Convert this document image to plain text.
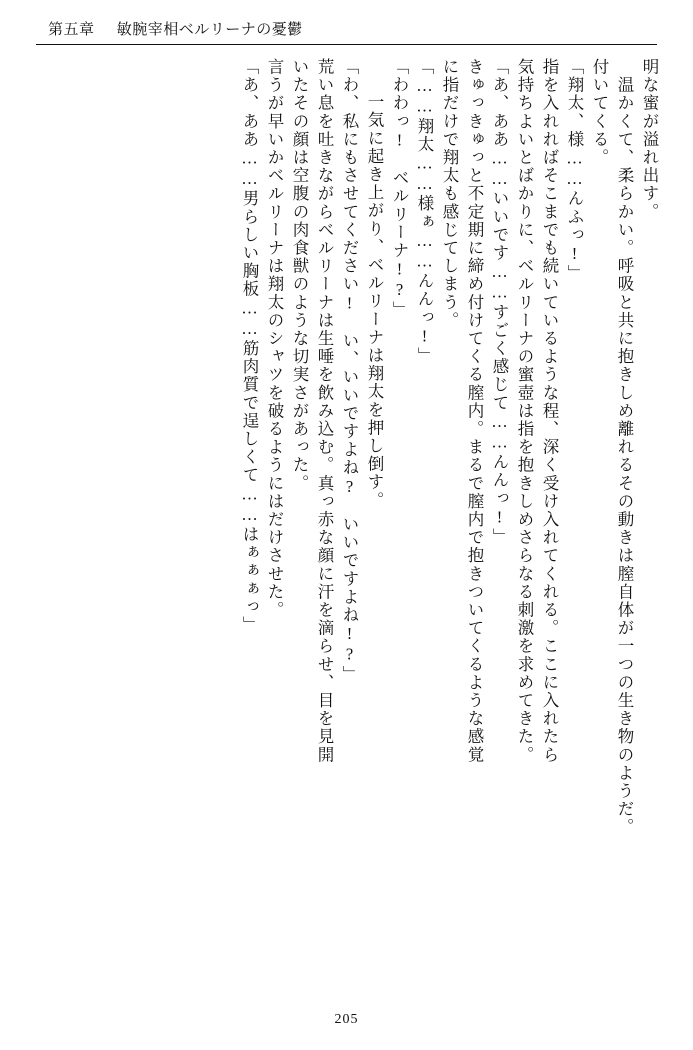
第五章 敏腕宰相ベルリーナの憂鬱
明な蜜が溢れ出す。
　温かくて、柔らかい。呼吸と共に抱きしめ離れるその動きは膣自体が一つの生き物のようだ。
付いてくる。
「翔太、様……んふっ!」
指を入れればそこまでも続いているような程、深く受け入れてくれる。ここに入れたら
気持ちよいとばかりに、ベルリーナの蜜壺は指を抱きしめさらなる刺激を求めてきた。
「あ、ああ……いいです……すごく感じて……んんっ!」
きゅっきゅっと不定期に締め付けてくる膣内。まるで膣内で抱きついてくるような感覚
に指だけで翔太も感じてしまう。
「……翔太……様ぁ……んんっ!」
「わわっ!　ベルリーナ!?」
　一気に起き上がり、ベルリーナは翔太を押し倒す。
「わ、私にもさせてください!　い、いいですよね?　いいですよね!?」
荒い息を吐きながらベルリーナは生唾を飲み込む。真っ赤な顔に汗を滴らせ、目を見開
いたその顔は空腹の肉食獣のような切実さがあった。
言うが早いかベルリーナは翔太のシャツを破るようにはだけさせた。
「あ、ああ……男らしい胸板……筋肉質で逞しくて……はぁぁぁっ」
205
